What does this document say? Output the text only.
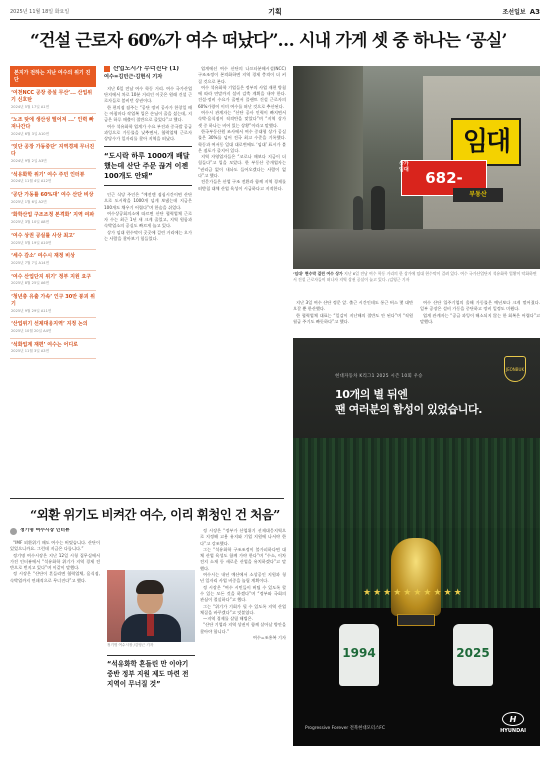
2025년 11월 18일 화요일	기획	조선일보 A3
“건설 근로자 60%가 여수 떠났다”… 시내 가게 셋 중 하나는 ‘공실’
본지가 전하는 지난 여수의 위기 진단
‘여천NCC 공장 증설 무산’... 산업위기 신호탄
2024년 5월 17일 A1면
‘노조 탓에 생산성 떨어져 ...’ 인력 빠져나간다
2024년 6월 3일 A10면
‘잇단 공장 가동중단’ 지역경제 무너진다
2024년 9월 2일 A3면
‘석유화학 위기’ 여수 주민 인터뷰
2024년 11월 4일 A12면
‘공단 가동률 60%대’ 여수 산단 비상
2025년 1월 6일 A2면
‘화학산업 구조조정 본격화’ 지역 여파
2025년 3월 10일 A8면
‘여수 상권 공실률 사상 최고’
2025년 5월 19일 A10면
‘세수 감소’ 여수시 재정 비상
2025년 7월 7일 A14면
‘여수 산업단지 위기’ 정부 지원 요구
2025년 8월 25일 A6면
‘청년층 유출 가속’ 인구 30만 붕괴 위기
2025년 9월 29일 A11면
‘산업위기 선제대응지역’ 지정 논의
2025년 10월 20일 A4면
‘석화업계 재편’ 여수는 어디로
2025년 11월 3일 A3면
산업도시가 무너진다 (1)
여수=김민근·김현식 기자

지난 6일 전남 여수 학동 거리. 여수 국가산업단지에서 차로 10분 거리인 이곳은 원래 건설 근로자들로 붐비던 상권이다.

한 편의점 점주는 “공단 정비 공사가 한창일 때는 아침마다 작업복 입은 손님이 줄을 섰는데, 지금은 하루 매출이 절반으로 줄었다”고 했다.

여수 석유화학 업계가 수요 부진과 중국발 공급 과잉으로 가동률을 낮추면서, 협력업체 근로자 상당수가 일자리를 찾아 지역을 떠났다.

“도시락 하루 1000개 배달했는데 산단 주문 끊겨 이젠 100개도 안돼”

인근 식당 주인은 “예전엔 점심시간이면 산단으로 도시락을 1000개 넘게 보냈는데 지금은 100개도 채우기 어렵다”며 한숨을 쉬었다.

여수상공회의소에 따르면 산단 협력업체 근로자 수는 최근 1년 새 크게 줄었고, 지역 원룸과 숙박업소의 공실도 빠르게 늘고 있다.

상가 임대 현수막이 곳곳에 걸린 거리에는 오가는 사람을 찾아보기 힘들었다.

업계에선 여수 산단의 나프타분해시설(NCC) 구조조정이 본격화하면 지역 경제 충격이 더 커질 것으로 본다.

여수 석유화학 기업들은 정부의 사업 재편 방침에 따라 연말까지 설비 감축 계획을 내야 한다. 건설·정비 수요가 줄면서 플랜트 건설 근로자의 60%가량이 이미 여수를 떠난 것으로 추산된다.

여수시 관계자는 “산단 공사 인력이 빠지면서 숙박·음식점이 직격탄을 맞았다”며 “지역 상가 셋 중 하나는 비어 있는 상황”이라고 말했다.

한국부동산원 조사에서 여수 중대형 상가 공실률은 30%를 넘어 전국 최고 수준을 기록했다. 학동과 여서동 일대 대로변에도 ‘임대’ 표시가 붙은 점포가 줄지어 있다.

지역 자영업자들은 “코로나 때보다 지금이 더 힘들다”고 입을 모았다. 한 부동산 중개업자는 “권리금 없이 내놔도 들어오겠다는 사람이 없다”고 했다.

전문가들은 산업 구조 전환과 함께 지역 경제를 떠받칠 대체 산업 육성이 시급하다고 지적한다.

임대
682-
상가 임대
부동산
‘임대’ 현수막 걸린 여수 상가 지난 6일 전남 여수 학동 거리의 한 상가에 임대 현수막이 걸려 있다. 여수 국가산업단지 석유화학 업황이 악화하면서 건설 근로자들이 떠나자 지역 상권 공실이 늘고 있다. /김영근 기자

지난 3일 여수 산단 정문 앞. 출근 시간인데도 통근 버스 몇 대만 오갈 뿐 한산했다.

한 협력업체 대표는 “일감이 지난해의 절반도 안 된다”며 “직원 월급 주기도 빠듯하다”고 했다.

여수 산단 입주기업의 올해 가동률은 예년보다 크게 떨어졌다. 일부 공장은 설비 가동을 중단하고 정비 일정도 미뤘다.

업계 관계자는 “공급 과잉이 해소되지 않는 한 회복은 어렵다”고 말했다.

JEONBUK
현대자동차 K리그1 2025 시즌 10회 우승
10개의 별 뒤엔
팬 여러분의 함성이 있었습니다.
★★★★★★★★★★
1994	2025
Progressive Forever 전북현대모터스FC
H
HYUNDAI
“외환 위기도 비켜간 여수, 이리 휘청인 건 처음”
정기명 여수시장 인터뷰

“IMF 외환위기 때도 여수는 버텼습니다. 산단이 있었으니까요. 그런데 지금은 다릅니다.”

정기명 여수시장은 지난 12일 시청 집무실에서 가진 인터뷰에서 “석유화학 위기가 지역 경제 전반으로 번지고 있다”며 이같이 말했다.

정 시장은 “산단이 흔들리면 협력업체, 음식점, 숙박업까지 연쇄적으로 무너진다”고 했다.

정기명 여수시장 /김영근 기자
“석유화학 흔들린 만 이야기 중반 정부 지원 제도 마련 전 지역이 무너질 것”

정 시장은 “정부가 산업위기 선제대응지역으로 지정해 고용 유지와 기업 지원에 나서야 한다”고 강조했다.

그는 “석유화학 구조조정이 불가피하다면 대체 산업 육성도 함께 가야 한다”며 “수소, 이차전지 소재 등 새로운 산업을 유치하겠다”고 말했다.

여수시는 내년 예산에서 소상공인 지원과 청년 일자리 사업 비중을 늘릴 계획이다.

정 시장은 “여수 시민들이 버틸 수 있도록 할 수 있는 모든 것을 하겠다”며 “정부와 국회의 관심이 절실하다”고 했다.

그는 “위기가 기회가 될 수 있도록 지역 산업 체질을 바꾸겠다”고 덧붙였다.

—지역 경제를 살릴 해법은.

“산단 기업과 지역 상권이 함께 살아날 방안을 찾아야 합니다.”

여수=조홍복 기자
